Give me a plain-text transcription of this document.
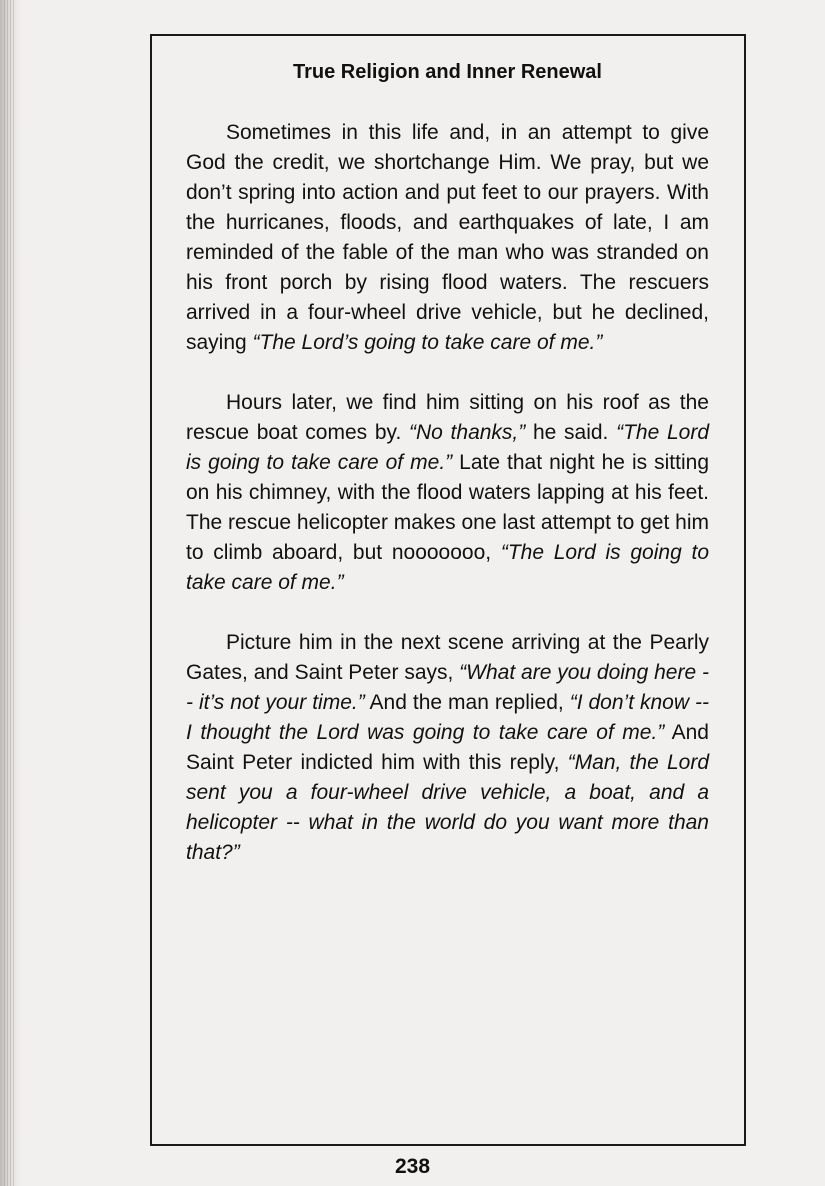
True Religion and Inner Renewal

Sometimes in this life and, in an attempt to give God the credit, we shortchange Him. We pray, but we don’t spring into action and put feet to our prayers. With the hurricanes, floods, and earthquakes of late, I am reminded of the fable of the man who was stranded on his front porch by rising flood waters. The rescuers arrived in a four-wheel drive vehicle, but he declined, saying “The Lord’s going to take care of me.”

Hours later, we find him sitting on his roof as the rescue boat comes by. “No thanks,” he said. “The Lord is going to take care of me.” Late that night he is sitting on his chimney, with the flood waters lapping at his feet. The rescue helicopter makes one last attempt to get him to climb aboard, but nooooooo, “The Lord is going to take care of me.”

Picture him in the next scene arriving at the Pearly Gates, and Saint Peter says, “What are you doing here -- it’s not your time.” And the man replied, “I don’t know -- I thought the Lord was going to take care of me.” And Saint Peter indicted him with this reply, “Man, the Lord sent you a four-wheel drive vehicle, a boat, and a helicopter -- what in the world do you want more than that?”

238
